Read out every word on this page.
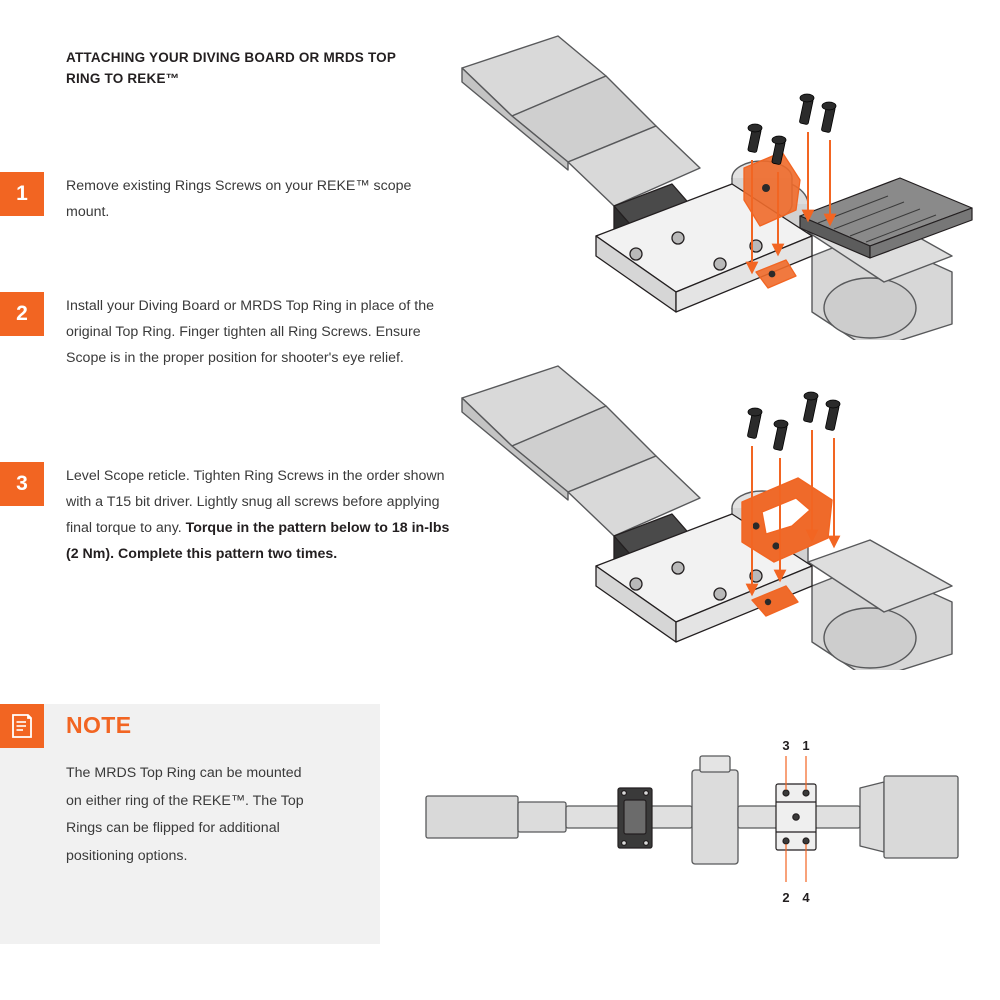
ATTACHING YOUR DIVING BOARD OR MRDS TOP RING TO REKE™
1	Remove existing Rings Screws on your REKE™ scope mount.
2	Install your Diving Board or MRDS Top Ring in place of the original Top Ring. Finger tighten all Ring Screws. Ensure Scope is in the proper position for shooter's eye relief.
3	Level Scope reticle. Tighten Ring Screws in the order shown with a T15 bit driver. Lightly snug all screws before applying final torque to any. Torque in the pattern below to 18 in-lbs (2 Nm). Complete this pattern two times.
NOTE
The MRDS Top Ring can be mounted on either ring of the REKE™. The Top Rings can be flipped for additional positioning options.
3 1
2 4
